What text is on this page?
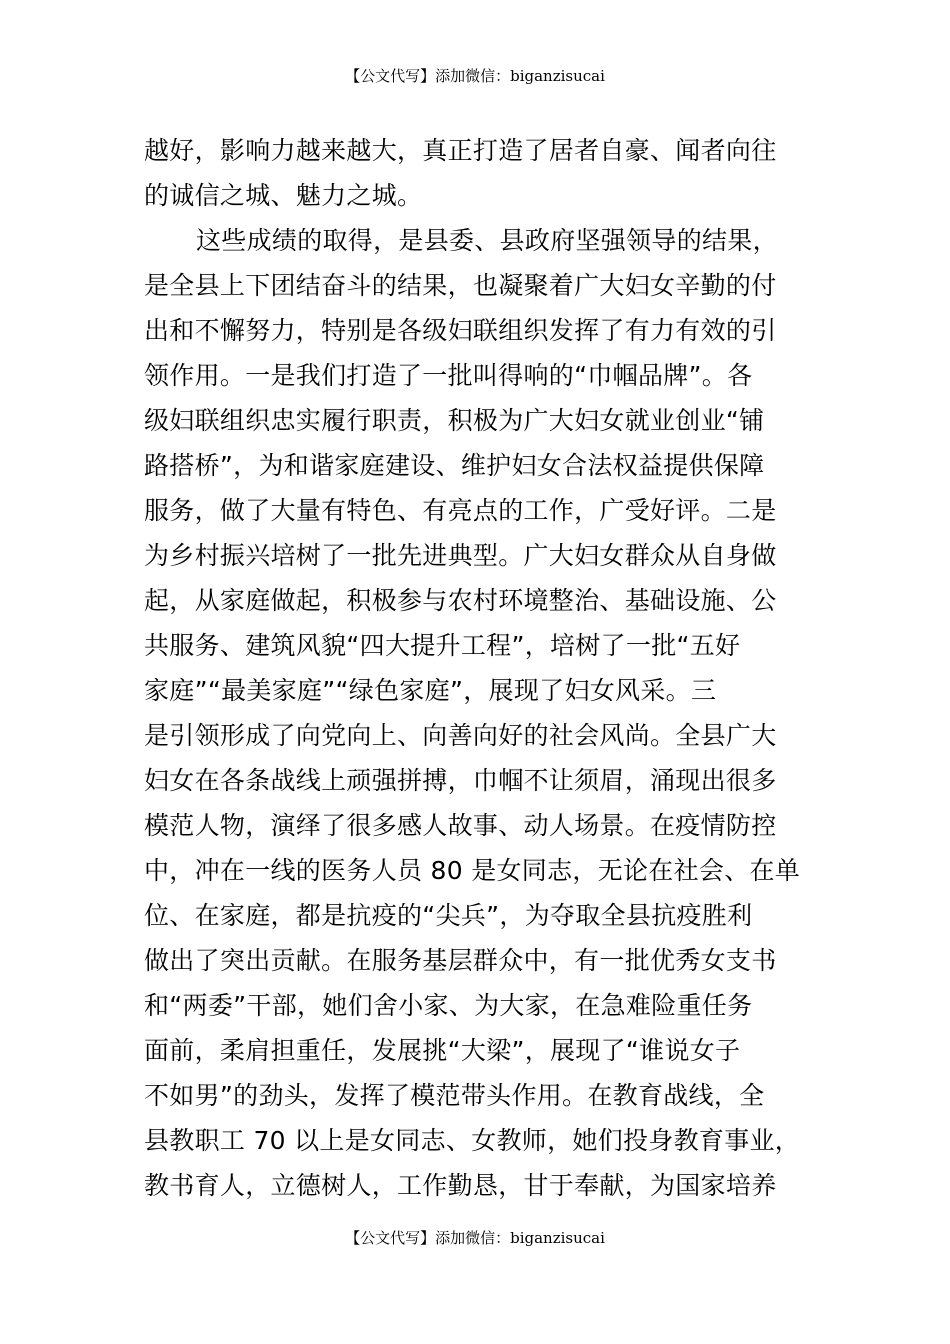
【公文代写】添加微信：biganzisucai
越好，影响力越来越大，真正打造了居者自豪、闻者向往
的诚信之城、魅力之城。
这些成绩的取得，是县委、县政府坚强领导的结果，
是全县上下团结奋斗的结果，也凝聚着广大妇女辛勤的付
出和不懈努力，特别是各级妇联组织发挥了有力有效的引
领作用。一是我们打造了一批叫得响的“巾帼品牌”。各
级妇联组织忠实履行职责，积极为广大妇女就业创业“铺
路搭桥”，为和谐家庭建设、维护妇女合法权益提供保障
服务，做了大量有特色、有亮点的工作，广受好评。二是
为乡村振兴培树了一批先进典型。广大妇女群众从自身做
起，从家庭做起，积极参与农村环境整治、基础设施、公
共服务、建筑风貌“四大提升工程”，培树了一批“五好
家庭”“最美家庭”“绿色家庭”，展现了妇女风采。三
是引领形成了向党向上、向善向好的社会风尚。全县广大
妇女在各条战线上顽强拼搏，巾帼不让须眉，涌现出很多
模范人物，演绎了很多感人故事、动人场景。在疫情防控
中，冲在一线的医务人员 80 是女同志，无论在社会、在单
位、在家庭，都是抗疫的“尖兵”，为夺取全县抗疫胜利
做出了突出贡献。在服务基层群众中，有一批优秀女支书
和“两委”干部，她们舍小家、为大家，在急难险重任务
面前，柔肩担重任，发展挑“大梁”，展现了“谁说女子
不如男”的劲头，发挥了模范带头作用。在教育战线，全
县教职工 70 以上是女同志、女教师，她们投身教育事业，
教书育人，立德树人，工作勤恳，甘于奉献，为国家培养
【公文代写】添加微信：biganzisucai
